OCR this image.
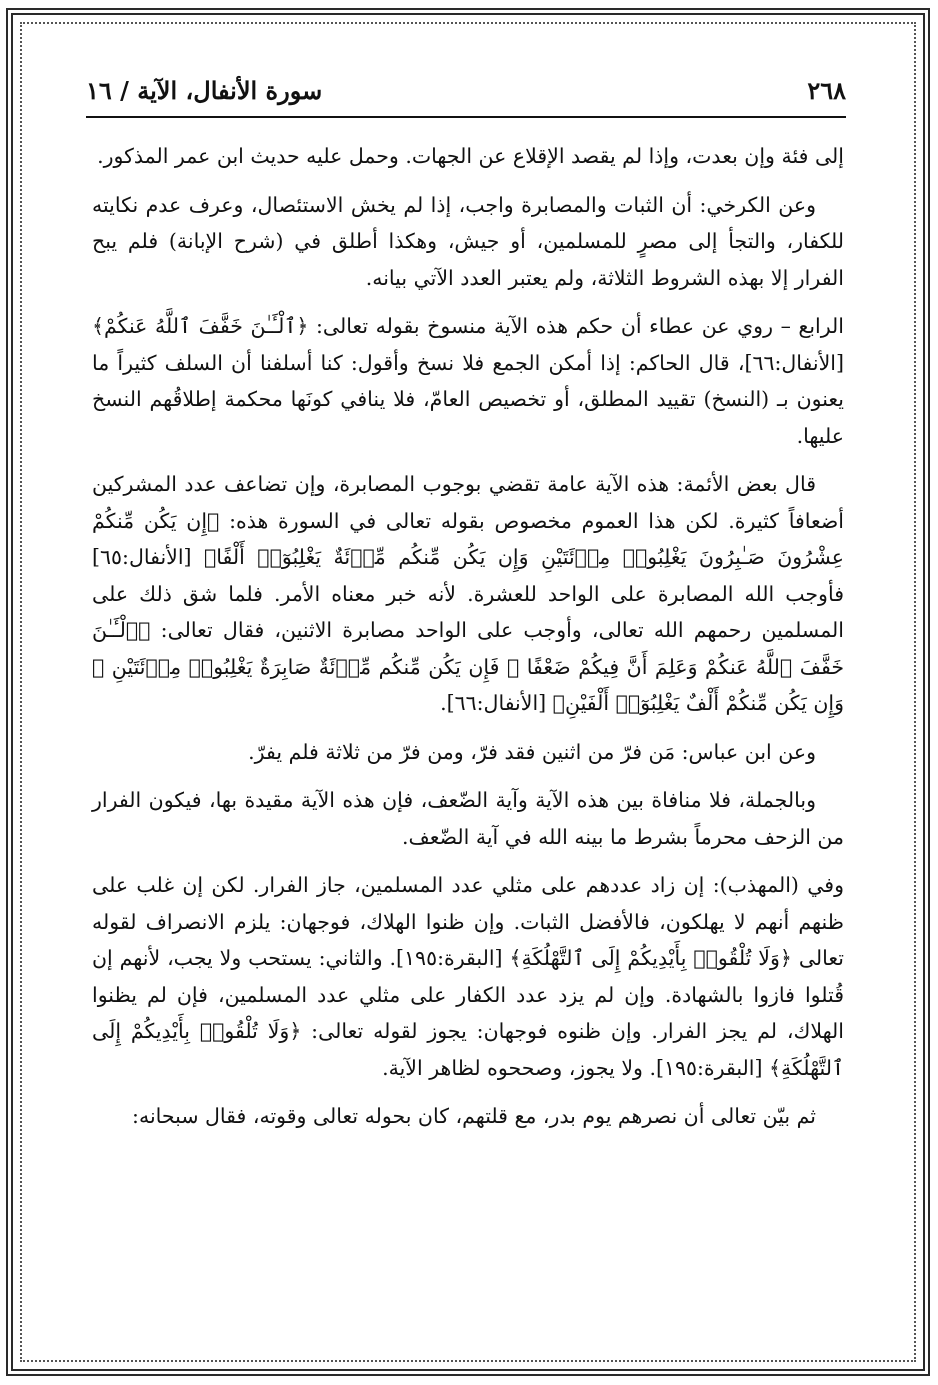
٢٦٨
سورة الأنفال، الآية / ١٦

إلى فئة وإن بعدت، وإذا لم يقصد الإقلاع عن الجهات. وحمل عليه حديث ابن عمر المذكور.

وعن الكرخي: أن الثبات والمصابرة واجب، إذا لم يخش الاستئصال، وعرف عدم نكايته للكفار، والتجأ إلى مصرٍ للمسلمين، أو جيش، وهكذا أطلق في (شرح الإبانة) فلم يبح الفرار إلا بهذه الشروط الثلاثة، ولم يعتبر العدد الآتي بيانه.

الرابع – روي عن عطاء أن حكم هذه الآية منسوخ بقوله تعالى: ﴿ٱلْـَٔـٰنَ خَفَّفَ ٱللَّهُ عَنكُمْ﴾ [الأنفال:٦٦]، قال الحاكم: إذا أمكن الجمع فلا نسخ وأقول: كنا أسلفنا أن السلف كثيراً ما يعنون بـ (النسخ) تقييد المطلق، أو تخصيص العامّ، فلا ينافي كونَها محكمة إطلاقُهم النسخ عليها.

قال بعض الأئمة: هذه الآية عامة تقضي بوجوب المصابرة، وإن تضاعف عدد المشركين أضعافاً كثيرة. لكن هذا العموم مخصوص بقوله تعالى في السورة هذه: ﴿إِن يَكُن مِّنكُمْ عِشْرُونَ صَـٰبِرُونَ يَغْلِبُوا۟ مِا۟ئَتَيْنِ وَإِن يَكُن مِّنكُم مِّا۟ئَةٌ يَغْلِبُوٓا۟ أَلْفًا﴾ [الأنفال:٦٥] فأوجب الله المصابرة على الواحد للعشرة. لأنه خبر معناه الأمر. فلما شق ذلك على المسلمين رحمهم الله تعالى، وأوجب على الواحد مصابرة الاثنين، فقال تعالى: ﴿ٱلْـَٔـٰنَ خَفَّفَ ٱللَّهُ عَنكُمْ وَعَلِمَ أَنَّ فِيكُمْ ضَعْفًا ۚ فَإِن يَكُن مِّنكُم مِّا۟ئَةٌ صَابِرَةٌ يَغْلِبُوا۟ مِا۟ئَتَيْنِ ۚ وَإِن يَكُن مِّنكُمْ أَلْفٌ يَغْلِبُوٓا۟ أَلْفَيْنِ﴾ [الأنفال:٦٦].

وعن ابن عباس: مَن فرّ من اثنين فقد فرّ، ومن فرّ من ثلاثة فلم يفرّ.

وبالجملة، فلا منافاة بين هذه الآية وآية الضّعف، فإن هذه الآية مقيدة بها، فيكون الفرار من الزحف محرماً بشرط ما بينه الله في آية الضّعف.

وفي (المهذب): إن زاد عددهم على مثلي عدد المسلمين، جاز الفرار. لكن إن غلب على ظنهم أنهم لا يهلكون، فالأفضل الثبات. وإن ظنوا الهلاك، فوجهان: يلزم الانصراف لقوله تعالى ﴿وَلَا تُلْقُوا۟ بِأَيْدِيكُمْ إِلَى ٱلتَّهْلُكَةِ﴾ [البقرة:١٩٥]. والثاني: يستحب ولا يجب، لأنهم إن قُتلوا فازوا بالشهادة. وإن لم يزد عدد الكفار على مثلي عدد المسلمين، فإن لم يظنوا الهلاك، لم يجز الفرار. وإن ظنوه فوجهان: يجوز لقوله تعالى: ﴿وَلَا تُلْقُوا۟ بِأَيْدِيكُمْ إِلَى ٱلتَّهْلُكَةِ﴾ [البقرة:١٩٥]. ولا يجوز، وصححوه لظاهر الآية.

ثم بيّن تعالى أن نصرهم يوم بدر، مع قلتهم، كان بحوله تعالى وقوته، فقال سبحانه:
